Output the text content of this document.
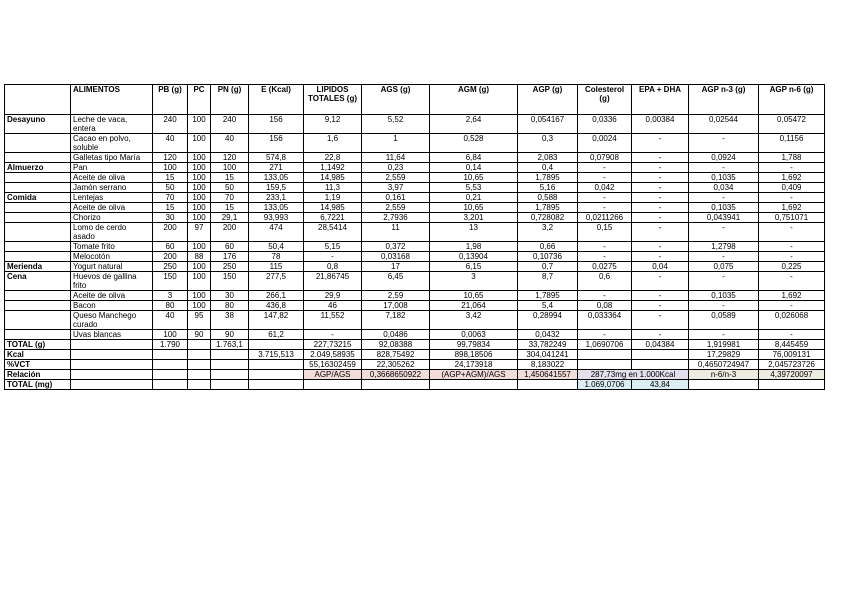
	ALIMENTOS	PB (g)	PC	PN (g)	E (Kcal)	LIPIDOS TOTALES (g)	AGS (g)	AGM (g)	AGP (g)	Colesterol (g)	EPA + DHA	AGP n-3 (g)	AGP n-6 (g)
Desayuno	Leche de vaca, entera	240	100	240	156	9,12	5,52	2,64	0,054167	0,0336	0,00384	0,02544	0,05472
	Cacao en polvo, soluble	40	100	40	156	1,6	1	0,528	0,3	0,0024	-	-	0,1156
	Galletas tipo María	120	100	120	574,8	22,8	11,64	6,84	2,083	0,07908	-	0,0924	1,788
Almuerzo	Pan	100	100	100	271	1,1492	0,23	0,14	0,4	-	-	-	-
	Aceite de oliva	15	100	15	133,05	14,985	2,559	10,65	1,7895	-	-	0,1035	1,692
	Jamón serrano	50	100	50	159,5	11,3	3,97	5,53	5,16	0,042	-	0,034	0,409
Comida	Lentejas	70	100	70	233,1	1,19	0,161	0,21	0,588	-	-	-	-
	Aceite de oliva	15	100	15	133,05	14,985	2,559	10,65	1,7895	-	-	0,1035	1,692
	Chorizo	30	100	29,1	93,993	6,7221	2,7936	3,201	0,728082	0,0211266	-	0,043941	0,751071
	Lomo de cerdo asado	200	97	200	474	28,5414	11	13	3,2	0,15	-	-	-
	Tomate frito	60	100	60	50,4	5,15	0,372	1,98	0,66	-	-	1,2798	-
	Melocotón	200	88	176	78	-	0,03168	0,13904	0,10736	-	-	-	-
Merienda	Yogurt natural	250	100	250	115	0,8	17	6,15	0,7	0,0275	0,04	0,075	0,225
Cena	Huevos de gallina frito	150	100	150	277,5	21,86745	6,45	3	8,7	0,6	-	-	-
	Aceite de oliva	3	100	30	266,1	29,9	2,59	10,65	1,7895	-	-	0,1035	1,692
	Bacon	80	100	80	436,8	46	17,008	21,064	5,4	0,08	-	-	-
	Queso Manchego curado	40	95	38	147,82	11,552	7,182	3,42	0,28994	0,033364	-	0,0589	0,026068
	Uvas blancas	100	90	90	61,2	-	0,0486	0,0063	0,0432	-	-	-	-
TOTAL (g)		1.790		1.763,1		227,73215	92,08388	99,79834	33,782249	1,0690706	0,04384	1,919981	8,445459
Kcal					3.715,513	2.049,58935	828,75492	898,18506	304,041241			17,29829	76,009131
%VCT						55,16302459	22,305262	24,173918	8,183022			0,4650724947	2,045723726
Relación						AGP/AGS	0,3668650922	(AGP+AGM)/AGS	1,450641557	287,73mg en 1.000Kcal		n-6/n-3	4,39720097
TOTAL (mg)										1.069,0706	43,84		
